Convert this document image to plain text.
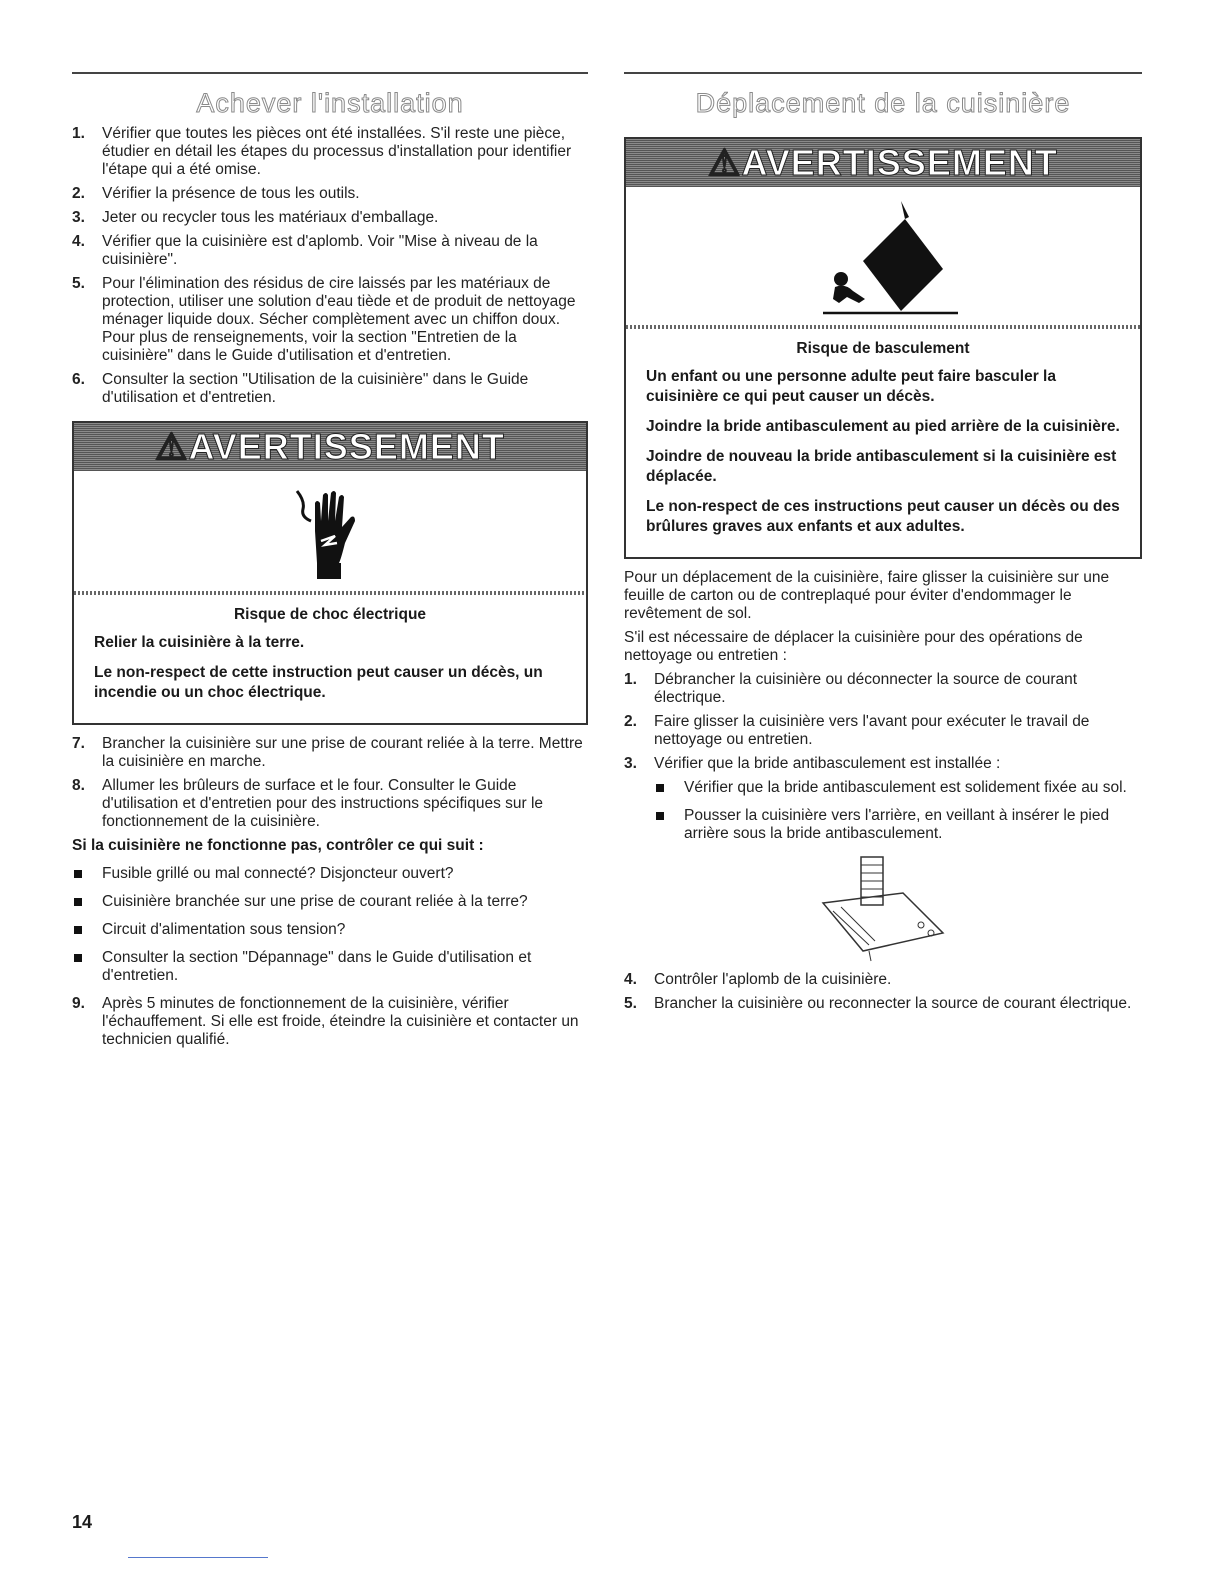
Achever l'installation
1. Vérifier que toutes les pièces ont été installées. S'il reste une pièce, étudier en détail les étapes du processus d'installation pour identifier l'étape qui a été omise.
2. Vérifier la présence de tous les outils.
3. Jeter ou recycler tous les matériaux d'emballage.
4. Vérifier que la cuisinière est d'aplomb. Voir "Mise à niveau de la cuisinière".
5. Pour l'élimination des résidus de cire laissés par les matériaux de protection, utiliser une solution d'eau tiède et de produit de nettoyage ménager liquide doux. Sécher complètement avec un chiffon doux. Pour plus de renseignements, voir la section "Entretien de la cuisinière" dans le Guide d'utilisation et d'entretien.
6. Consulter la section "Utilisation de la cuisinière" dans le Guide d'utilisation et d'entretien.
⚠AVERTISSEMENT
Risque de choc électrique
Relier la cuisinière à la terre.
Le non-respect de cette instruction peut causer un décès, un incendie ou un choc électrique.
7. Brancher la cuisinière sur une prise de courant reliée à la terre. Mettre la cuisinière en marche.
8. Allumer les brûleurs de surface et le four. Consulter le Guide d'utilisation et d'entretien pour des instructions spécifiques sur le fonctionnement de la cuisinière.
Si la cuisinière ne fonctionne pas, contrôler ce qui suit :
Fusible grillé ou mal connecté? Disjoncteur ouvert?
Cuisinière branchée sur une prise de courant reliée à la terre?
Circuit d'alimentation sous tension?
Consulter la section "Dépannage" dans le Guide d'utilisation et d'entretien.
9. Après 5 minutes de fonctionnement de la cuisinière, vérifier l'échauffement. Si elle est froide, éteindre la cuisinière et contacter un technicien qualifié.
Déplacement de la cuisinière
⚠AVERTISSEMENT
Risque de basculement
Un enfant ou une personne adulte peut faire basculer la cuisinière ce qui peut causer un décès.
Joindre la bride antibasculement au pied arrière de la cuisinière.
Joindre de nouveau la bride antibasculement si la cuisinière est déplacée.
Le non-respect de ces instructions peut causer un décès ou des brûlures graves aux enfants et aux adultes.

Pour un déplacement de la cuisinière, faire glisser la cuisinière sur une feuille de carton ou de contreplaqué pour éviter d'endommager le revêtement de sol.

S'il est nécessaire de déplacer la cuisinière pour des opérations de nettoyage ou entretien :

1. Débrancher la cuisinière ou déconnecter la source de courant électrique.
2. Faire glisser la cuisinière vers l'avant pour exécuter le travail de nettoyage ou entretien.
3. Vérifier que la bride antibasculement est installée :
Vérifier que la bride antibasculement est solidement fixée au sol.
Pousser la cuisinière vers l'arrière, en veillant à insérer le pied arrière sous la bride antibasculement.
4. Contrôler l'aplomb de la cuisinière.
5. Brancher la cuisinière ou reconnecter la source de courant électrique.
14
